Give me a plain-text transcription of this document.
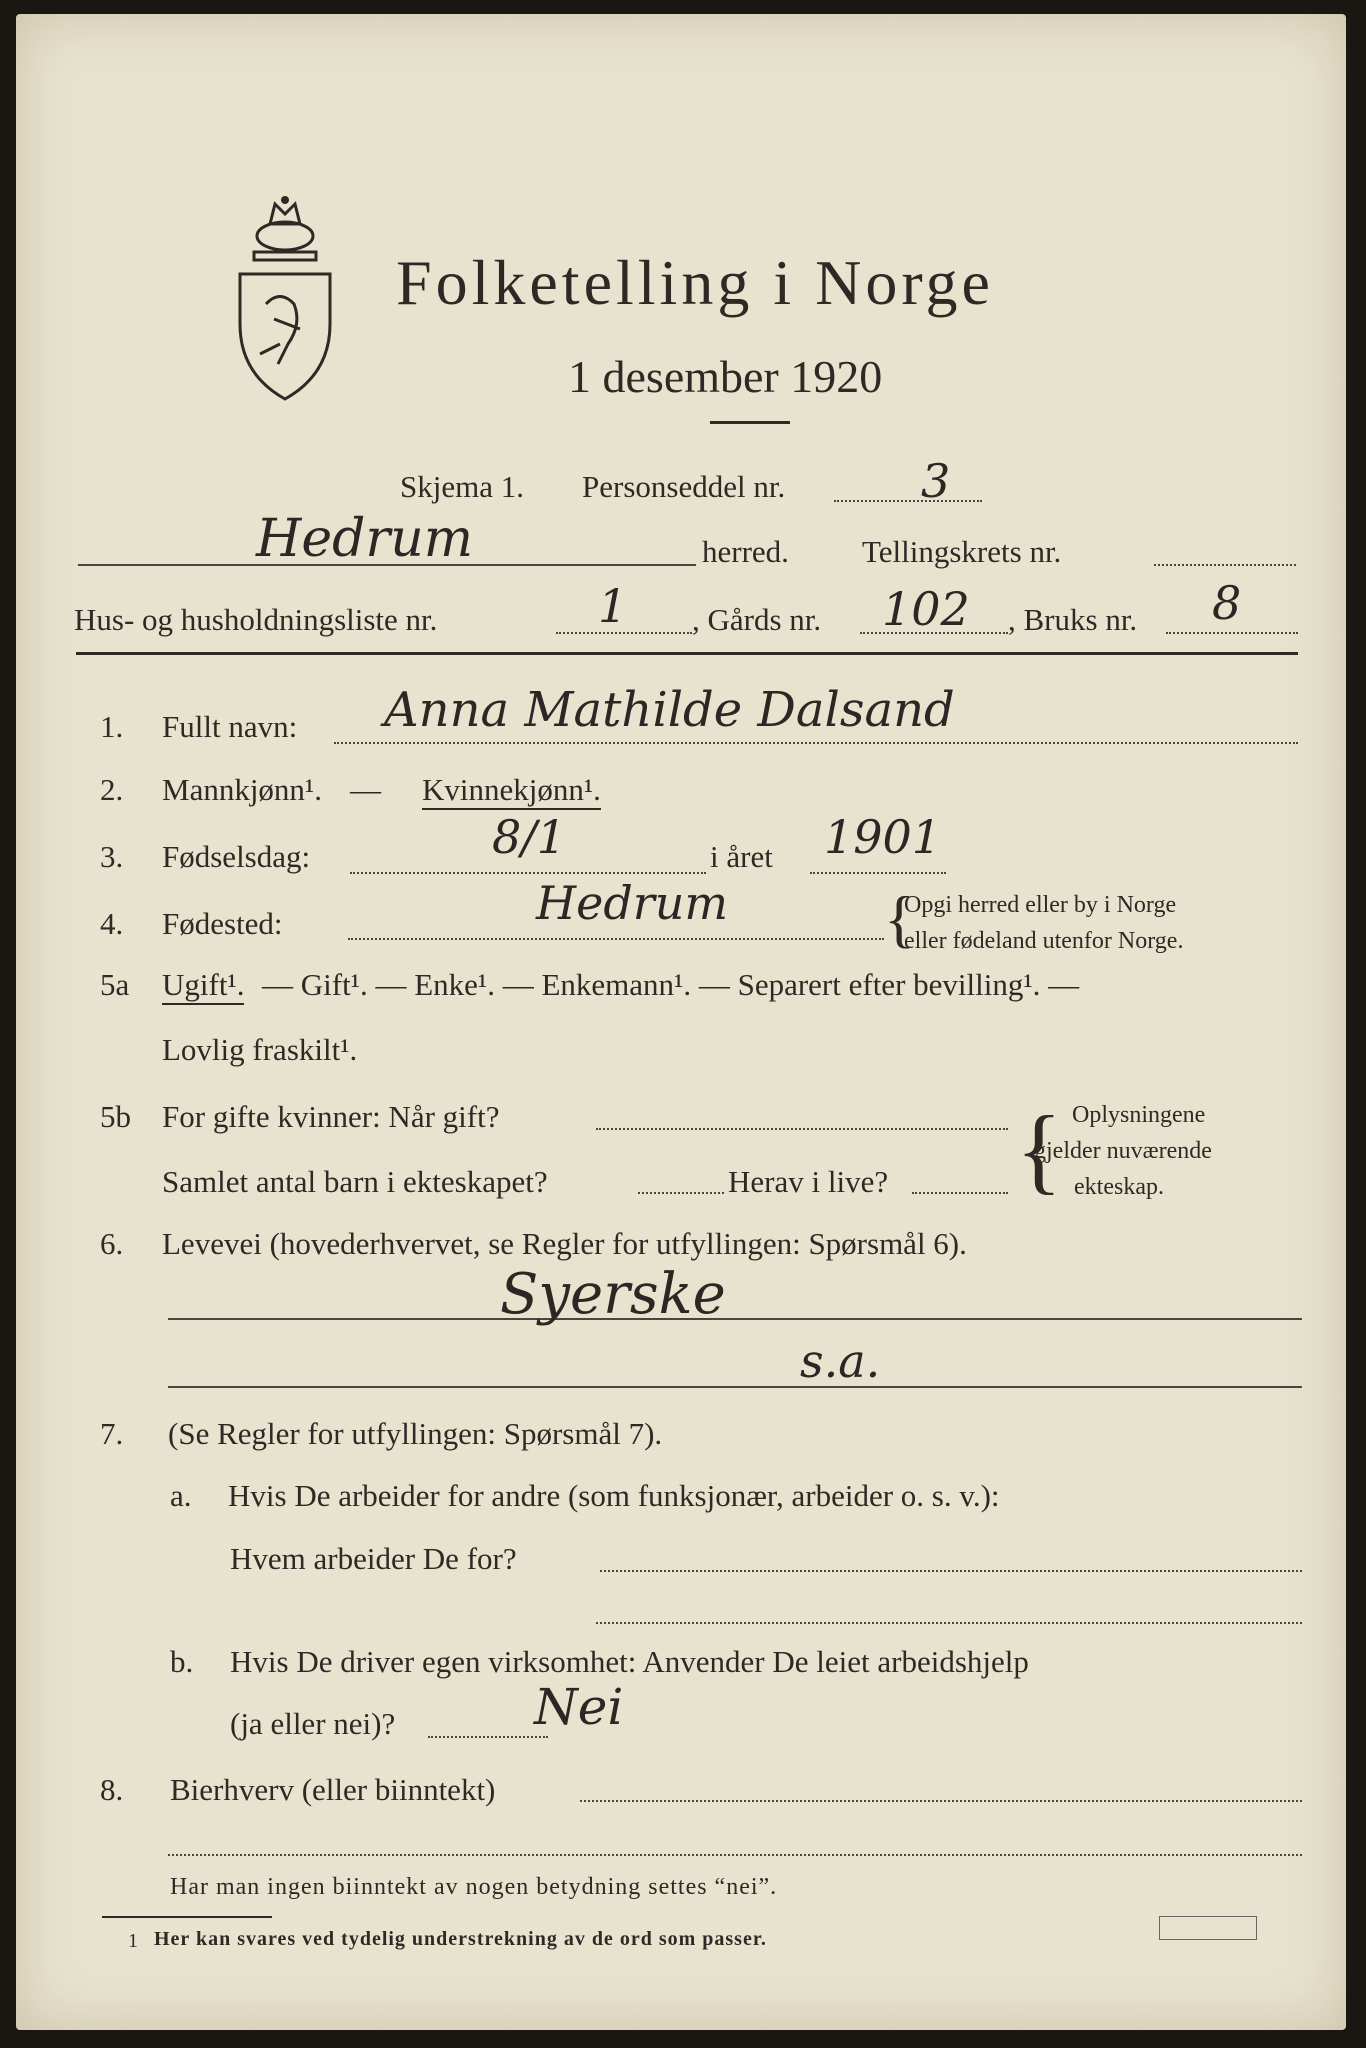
Folketelling i Norge
1 desember 1920
Skjema 1. Personseddel nr.	3
Hedrum	herred. Tellingskrets nr.
Hus- og husholdningsliste nr.	1 , Gårds nr. 102 , Bruks nr. 8
1. Fullt navn: Anna Mathilde Dalsand
2. Mannkjønn¹. — Kvinnekjønn¹.
3. Fødselsdag:	8/1	i året 1901
4. Fødested:	Hedrum {
Opgi herred eller by i Norge
eller fødeland utenfor Norge.
5a Ugift¹. — Gift¹. — Enke¹. — Enkemann¹. — Separert efter bevilling¹. —
Lovlig fraskilt¹.
5b For gifte kvinner: Når gift?
Samlet antal barn i ekteskapet?	Herav i live? { Oplysningene
gjelder nuværende
ekteskap.
6. Levevei (hovederhvervet, se Regler for utfyllingen: Spørsmål 6).
Syerske
s.a.
7. (Se Regler for utfyllingen: Spørsmål 7).
a. Hvis De arbeider for andre (som funksjonær, arbeider o. s. v.):
Hvem arbeider De for?
b. Hvis De driver egen virksomhet: Anvender De leiet arbeidshjelp
(ja eller nei)?	Nei
8. Bierhverv (eller biinntekt)
Har man ingen biinntekt av nogen betydning settes “nei”.
1 Her kan svares ved tydelig understrekning av de ord som passer.
